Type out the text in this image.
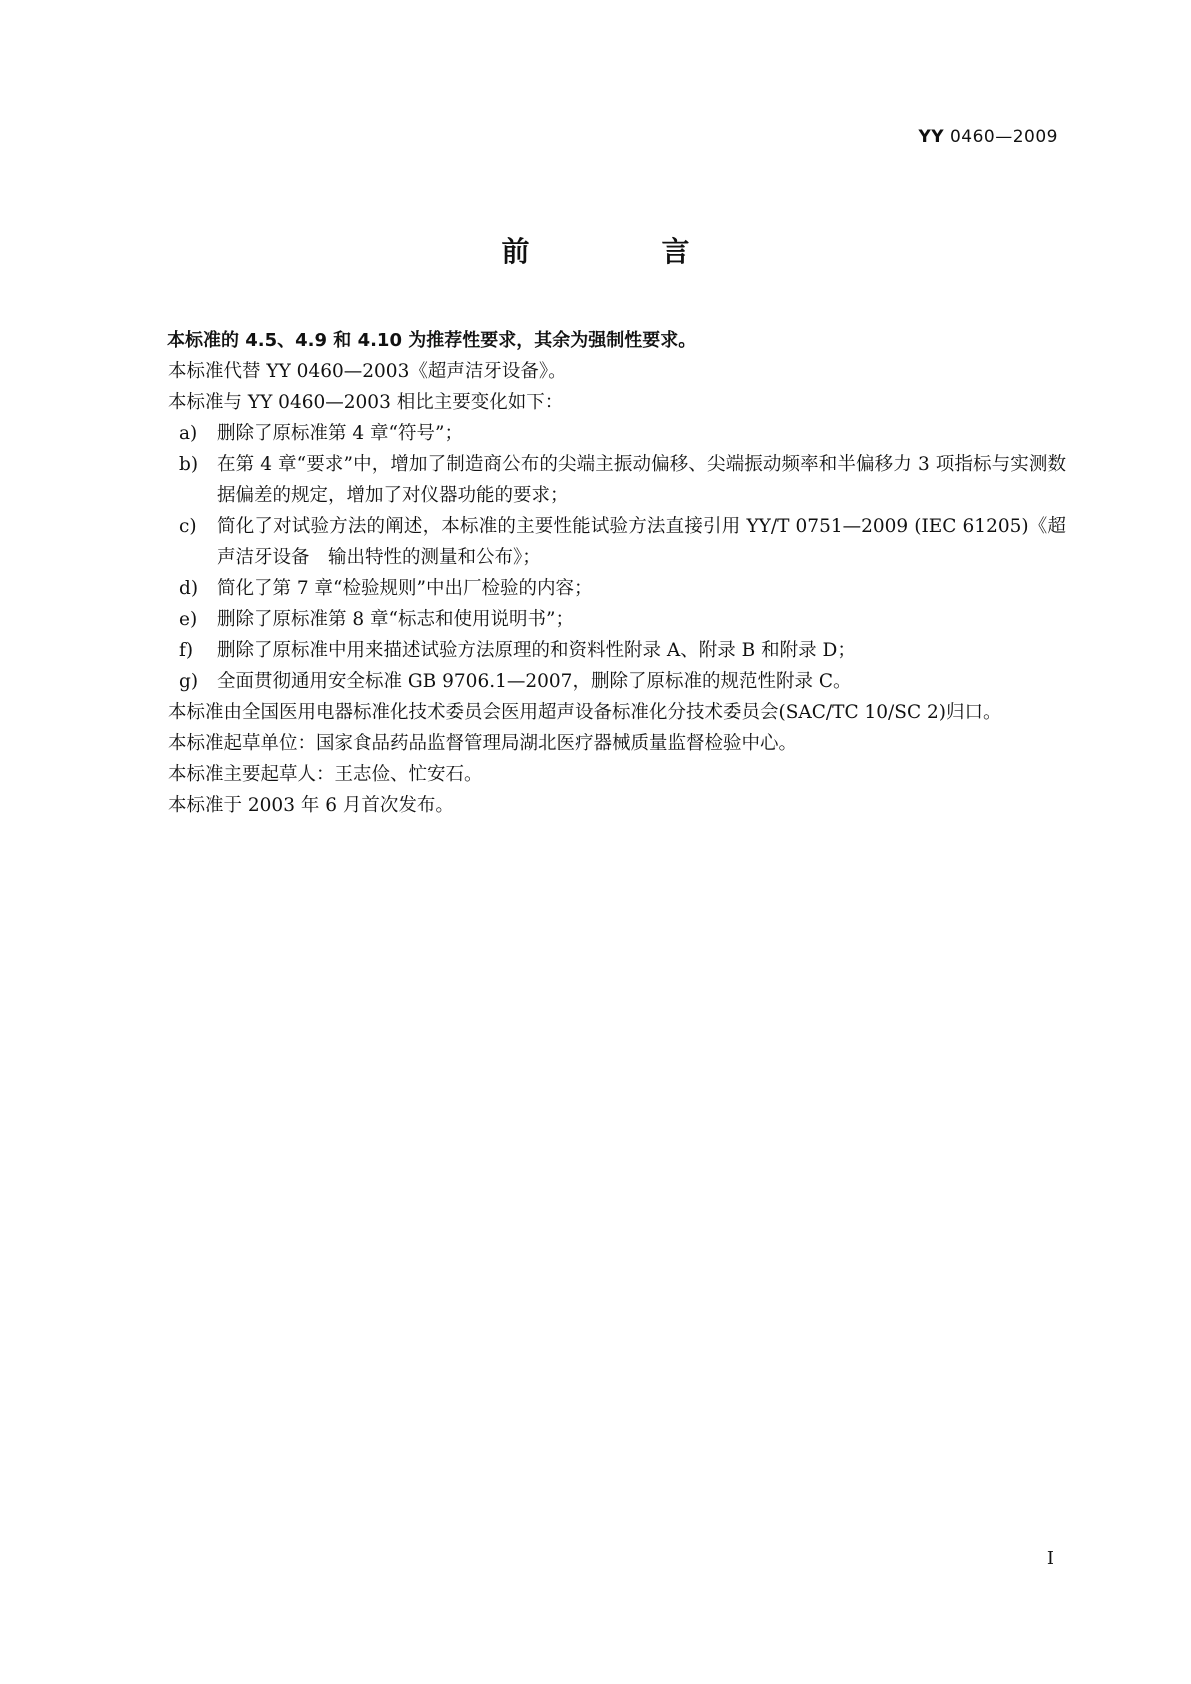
YY 0460—2009
前　言

本标准的 4.5、4.9 和 4.10 为推荐性要求，其余为强制性要求。

本标准代替 YY 0460—2003《超声洁牙设备》。

本标准与 YY 0460—2003 相比主要变化如下：

a) 删除了原标准第 4 章“符号”；

b) 在第 4 章“要求”中，增加了制造商公布的尖端主振动偏移、尖端振动频率和半偏移力 3 项指标与实测数据偏差的规定，增加了对仪器功能的要求；

c) 简化了对试验方法的阐述，本标准的主要性能试验方法直接引用 YY/T 0751—2009 (IEC 61205)《超声洁牙设备　输出特性的测量和公布》；

d) 简化了第 7 章“检验规则”中出厂检验的内容；

e) 删除了原标准第 8 章“标志和使用说明书”；

f) 删除了原标准中用来描述试验方法原理的和资料性附录 A、附录 B 和附录 D；

g) 全面贯彻通用安全标准 GB 9706.1—2007，删除了原标准的规范性附录 C。

本标准由全国医用电器标准化技术委员会医用超声设备标准化分技术委员会(SAC/TC 10/SC 2)归口。

本标准起草单位：国家食品药品监督管理局湖北医疗器械质量监督检验中心。

本标准主要起草人：王志俭、忙安石。

本标准于 2003 年 6 月首次发布。

I
